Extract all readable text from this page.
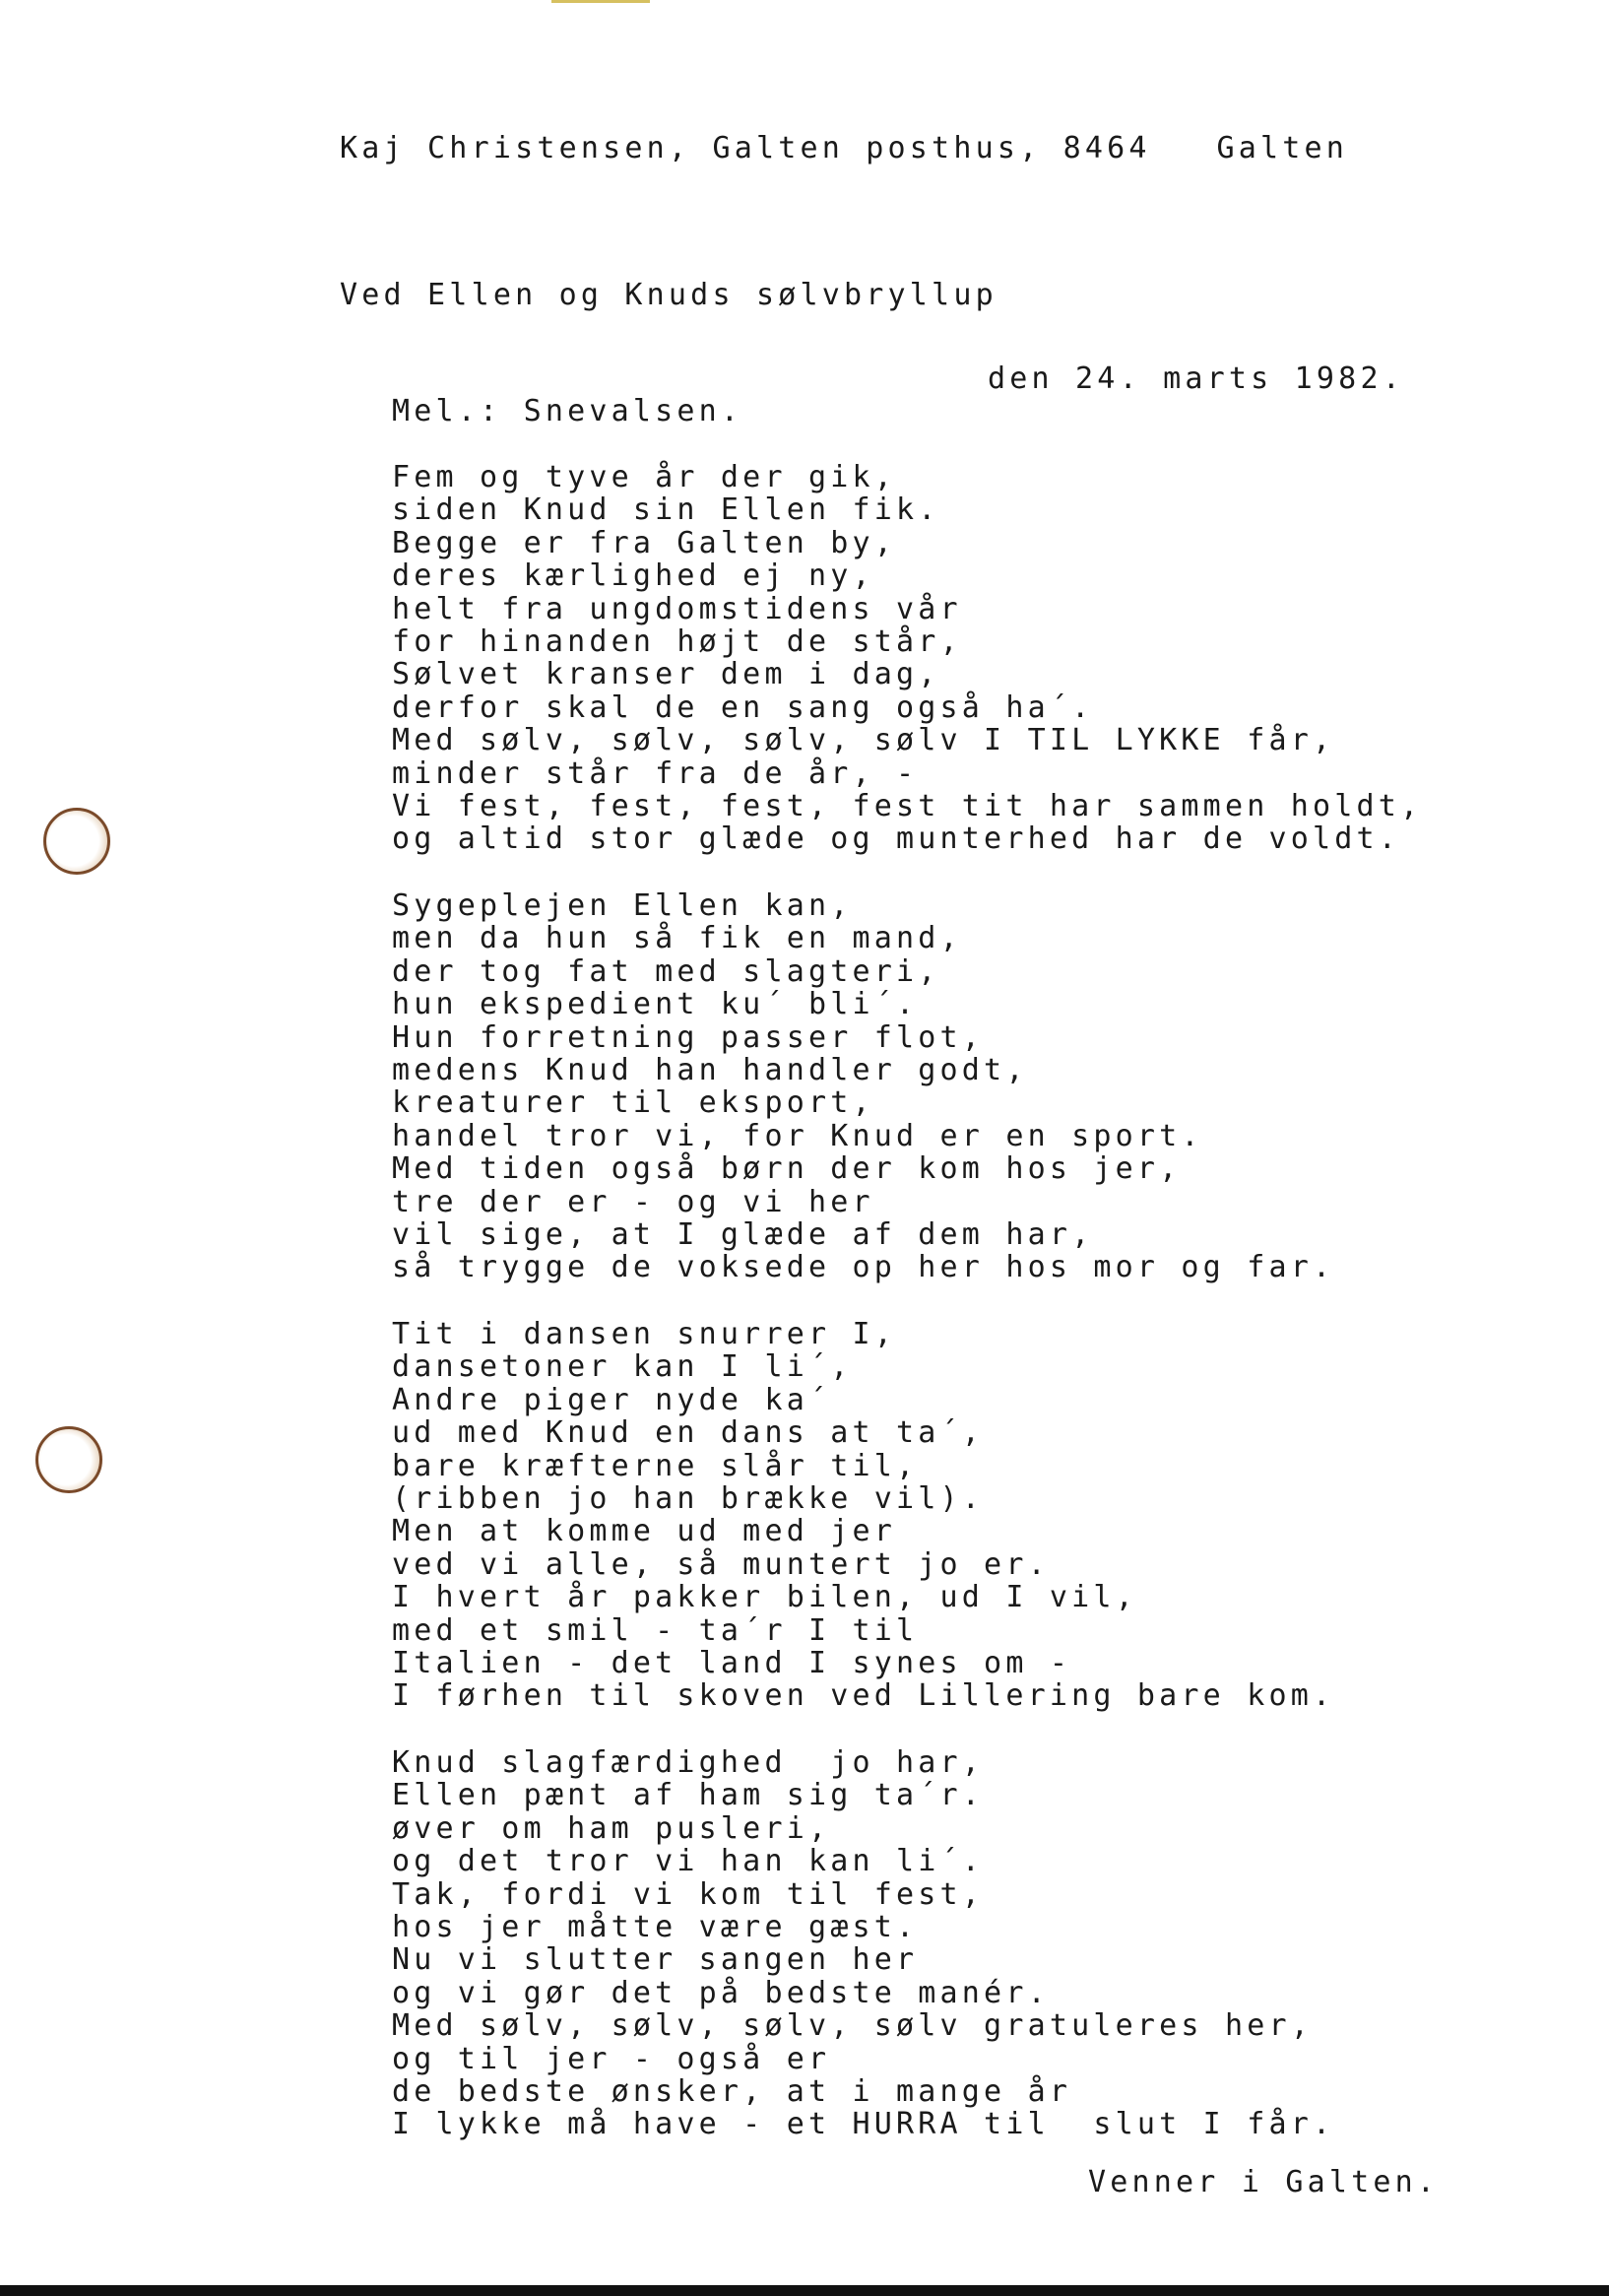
Kaj Christensen, Galten posthus, 8464   Galten
Ved Ellen og Knuds sølvbryllup
den 24. marts 1982.
Mel.: Snevalsen.
Fem og tyve år der gik,
siden Knud sin Ellen fik.
Begge er fra Galten by,
deres kærlighed ej ny,
helt fra ungdomstidens vår
for hinanden højt de står,
Sølvet kranser dem i dag,
derfor skal de en sang også ha´.
Med sølv, sølv, sølv, sølv I TIL LYKKE får,
minder står fra de år, -
Vi fest, fest, fest, fest tit har sammen holdt,
og altid stor glæde og munterhed har de voldt.
Sygeplejen Ellen kan,
men da hun så fik en mand,
der tog fat med slagteri,
hun ekspedient ku´ bli´.
Hun forretning passer flot,
medens Knud han handler godt,
kreaturer til eksport,
handel tror vi, for Knud er en sport.
Med tiden også børn der kom hos jer,
tre der er - og vi her
vil sige, at I glæde af dem har,
så trygge de voksede op her hos mor og far.
Tit i dansen snurrer I,
dansetoner kan I li´,
Andre piger nyde ka´
ud med Knud en dans at ta´,
bare kræfterne slår til,
(ribben jo han brække vil).
Men at komme ud med jer
ved vi alle, så muntert jo er.
I hvert år pakker bilen, ud I vil,
med et smil - ta´r I til
Italien - det land I synes om -
I førhen til skoven ved Lillering bare kom.
Knud slagfærdighed  jo har,
Ellen pænt af ham sig ta´r.
øver om ham pusleri,
og det tror vi han kan li´.
Tak, fordi vi kom til fest,
hos jer måtte være gæst.
Nu vi slutter sangen her
og vi gør det på bedste manér.
Med sølv, sølv, sølv, sølv gratuleres her,
og til jer - også er
de bedste ønsker, at i mange år
I lykke må have - et HURRA til  slut I får.
Venner i Galten.
